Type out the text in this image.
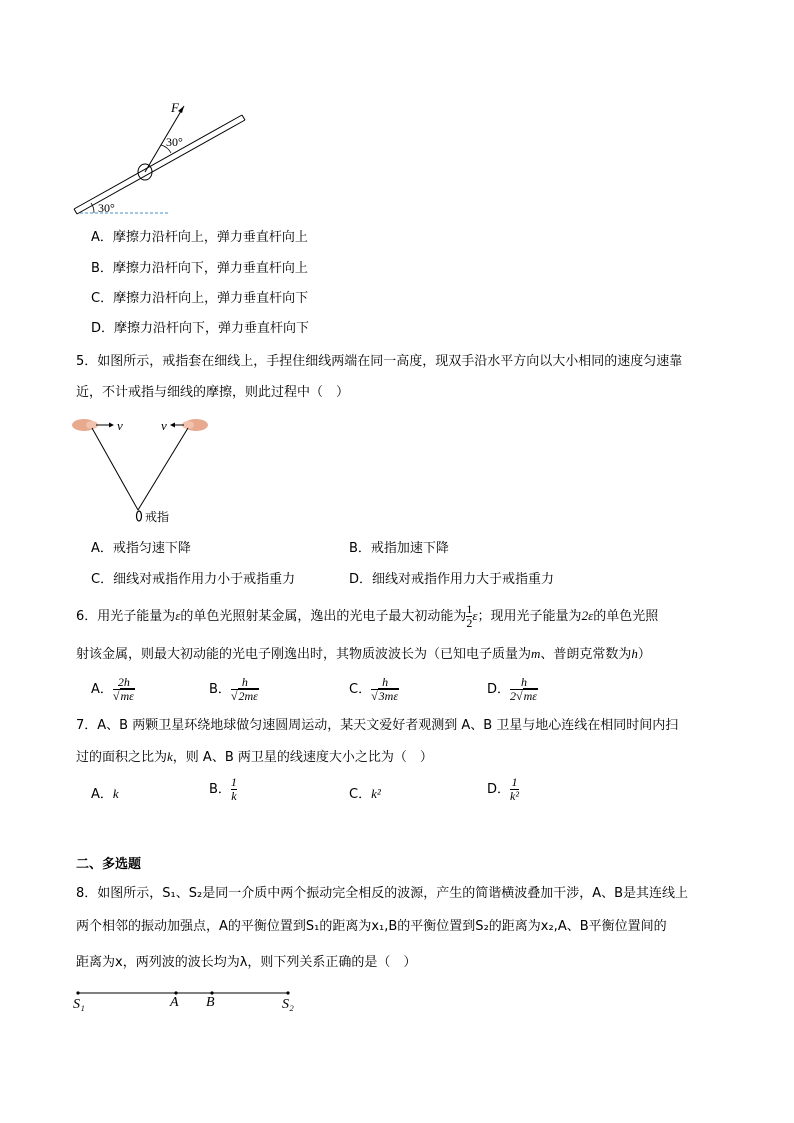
F
30°
30°
A．摩擦力沿杆向上，弹力垂直杆向上
B．摩擦力沿杆向下，弹力垂直杆向上
C．摩擦力沿杆向上，弹力垂直杆向下
D．摩擦力沿杆向下，弹力垂直杆向下
5．如图所示，戒指套在细线上，手捏住细线两端在同一高度，现双手沿水平方向以大小相同的速度匀速靠
近，不计戒指与细线的摩擦，则此过程中（　）
v	v
戒指
A．戒指匀速下降	B．戒指加速下降
C．细线对戒指作用力小于戒指重力	D．细线对戒指作用力大于戒指重力
6．用光子能量为ε的单色光照射某金属，逸出的光电子最大初动能为 $\frac{1}{2}$ ε；现用光子能量为2ε的单色光照
射该金属，则最大初动能的光电子刚逸出时，其物质波波长为（已知电子质量为m、普朗克常数为h）
A． $\frac{2h}{√m\varepsilon}$	B． $\frac{h}{√2m\varepsilon}$	C． $\frac{h}{√3m\varepsilon}$	D． $\frac{h}{2√m\varepsilon}$
7．A、B 两颗卫星环绕地球做匀速圆周运动，某天文爱好者观测到 A、B 卫星与地心连线在相同时间内扫
过的面积之比为k，则 A、B 两卫星的线速度大小之比为（　）
A．k	B． $\frac{1}{k}$	C．k²	D． $\frac{1}{\text{k²}}$
二、多选题
8．如图所示，S₁、S₂是同一介质中两个振动完全相反的波源，产生的简谐横波叠加干涉，A、B是其连线上
两个相邻的振动加强点，A的平衡位置到S₁的距离为x₁,B的平衡位置到S₂的距离为x₂,A、B平衡位置间的
距离为x，两列波的波长均为λ，则下列关系正确的是（　）
S₁	A B	S₂
